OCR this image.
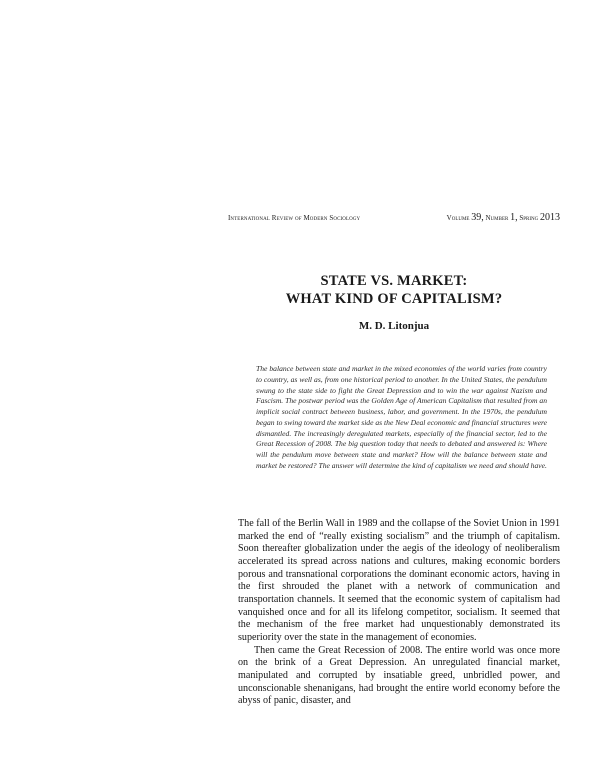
International Review of Modern Sociology	Volume 39, Number 1, Spring 2013
STATE VS. MARKET:
WHAT KIND OF CAPITALISM?
M. D. Litonjua
The balance between state and market in the mixed economies of the world varies from country to country, as well as, from one historical period to another. In the United States, the pendulum swung to the state side to fight the Great Depression and to win the war against Nazism and Fascism. The postwar period was the Golden Age of American Capitalism that resulted from an implicit social contract between business, labor, and government. In the 1970s, the pendulum began to swing toward the market side as the New Deal economic and financial structures were dismantled. The increasingly deregulated markets, especially of the financial sector, led to the Great Recession of 2008. The big question today that needs to debated and answered is: Where will the pendulum move between state and market? How will the balance between state and market be restored? The answer will determine the kind of capitalism we need and should have.

The fall of the Berlin Wall in 1989 and the collapse of the Soviet Union in 1991 marked the end of “really existing socialism” and the triumph of capitalism. Soon thereafter globalization under the aegis of the ideology of neoliberalism accelerated its spread across nations and cultures, making economic borders porous and transnational corporations the dominant economic actors, having in the first shrouded the planet with a network of communication and transportation channels. It seemed that the economic system of capitalism had vanquished once and for all its lifelong competitor, socialism. It seemed that the mechanism of the free market had unquestionably demonstrated its superiority over the state in the management of economies.

Then came the Great Recession of 2008. The entire world was once more on the brink of a Great Depression. An unregulated financial market, manipulated and corrupted by insatiable greed, unbridled power, and unconscionable shenanigans, had brought the entire world economy before the abyss of panic, disaster, and
